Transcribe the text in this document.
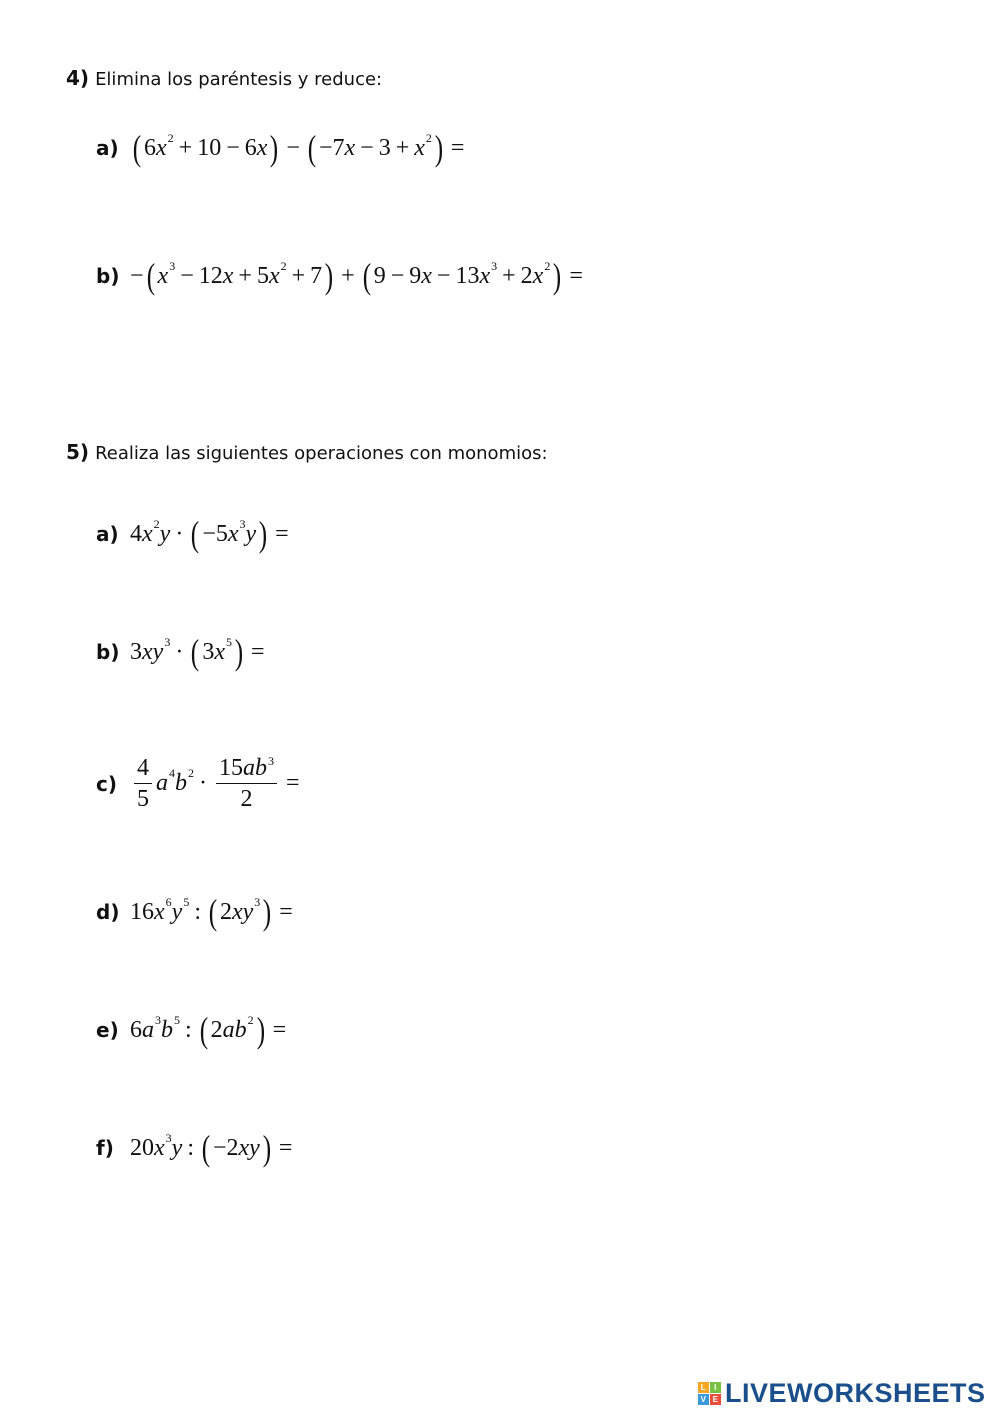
4) Elimina los paréntesis y reduce:
a) ( 6 $x^2 + 10 - 6$ x ) − ( −7 $x - 3 + x^2$ ) =
b) − ( $x^3 - 12$ x + 5 $x^2 + 7$ ) + ( 9 − 9 x − 13 $x^3 + 2$ $x^2$ ) =
5) Realiza las siguientes operaciones con monomios:
a) 4 $x^2$ y · ( −5 $x^3$ y ) =
b) 3 $xy^3$ · ( 3 $x^5$ ) =
$c) \frac{4}{5} a^4$ $b^2 \cdot \frac{15ab^3}{2}$ =
d) 16 $x^6$ $y^5$ : ( 2 $xy^3$ ) =
e) 6 $a^3$ $b^5$ : ( 2 $ab^2$ ) =
f) 20 $x^3$ y : ( −2 xy ) =
L I
V E LIVEWORKSHEETS
